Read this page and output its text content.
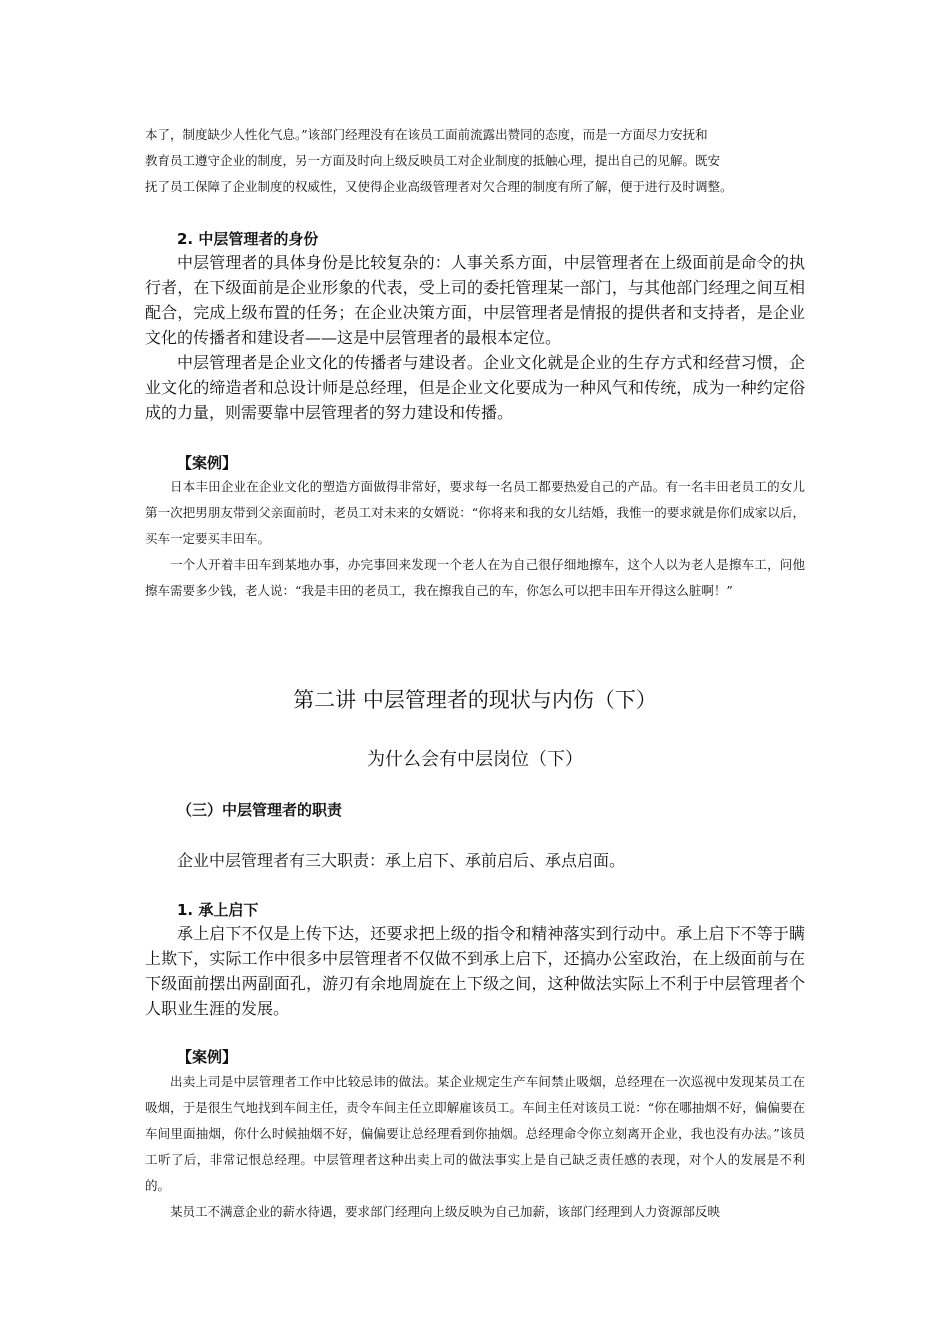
本了，制度缺少人性化气息。”该部门经理没有在该员工面前流露出赞同的态度，而是一方面尽力安抚和

教育员工遵守企业的制度，另一方面及时向上级反映员工对企业制度的抵触心理，提出自己的见解。既安

抚了员工保障了企业制度的权威性，又使得企业高级管理者对欠合理的制度有所了解，便于进行及时调整。

2. 中层管理者的身份
中层管理者的具体身份是比较复杂的：人事关系方面，中层管理者在上级面前是命令的执行者，在下级面前是企业形象的代表，受上司的委托管理某一部门，与其他部门经理之间互相配合，完成上级布置的任务；在企业决策方面，中层管理者是情报的提供者和支持者，是企业文化的传播者和建设者——这是中层管理者的最根本定位。
中层管理者是企业文化的传播者与建设者。企业文化就是企业的生存方式和经营习惯，企业文化的缔造者和总设计师是总经理，但是企业文化要成为一种风气和传统，成为一种约定俗成的力量，则需要靠中层管理者的努力建设和传播。
【案例】
日本丰田企业在企业文化的塑造方面做得非常好，要求每一名员工都要热爱自己的产品。有一名丰田老员工的女儿第一次把男朋友带到父亲面前时，老员工对未来的女婿说：“你将来和我的女儿结婚，我惟一的要求就是你们成家以后，买车一定要买丰田车。
一个人开着丰田车到某地办事，办完事回来发现一个老人在为自己很仔细地擦车，这个人以为老人是擦车工，问他擦车需要多少钱，老人说：“我是丰田的老员工，我在擦我自己的车，你怎么可以把丰田车开得这么脏啊！”
第二讲 中层管理者的现状与内伤（下）
为什么会有中层岗位（下）
（三）中层管理者的职责
企业中层管理者有三大职责：承上启下、承前启后、承点启面。
1. 承上启下
承上启下不仅是上传下达，还要求把上级的指令和精神落实到行动中。承上启下不等于瞒上欺下，实际工作中很多中层管理者不仅做不到承上启下，还搞办公室政治，在上级面前与在下级面前摆出两副面孔，游刃有余地周旋在上下级之间，这种做法实际上不利于中层管理者个人职业生涯的发展。
【案例】
出卖上司是中层管理者工作中比较忌讳的做法。某企业规定生产车间禁止吸烟，总经理在一次巡视中发现某员工在吸烟，于是很生气地找到车间主任，责令车间主任立即解雇该员工。车间主任对该员工说：“你在哪抽烟不好，偏偏要在车间里面抽烟，你什么时候抽烟不好，偏偏要让总经理看到你抽烟。总经理命令你立刻离开企业，我也没有办法。”该员工听了后，非常记恨总经理。中层管理者这种出卖上司的做法事实上是自己缺乏责任感的表现，对个人的发展是不利的。
某员工不满意企业的薪水待遇，要求部门经理向上级反映为自己加薪，该部门经理到人力资源部反映
